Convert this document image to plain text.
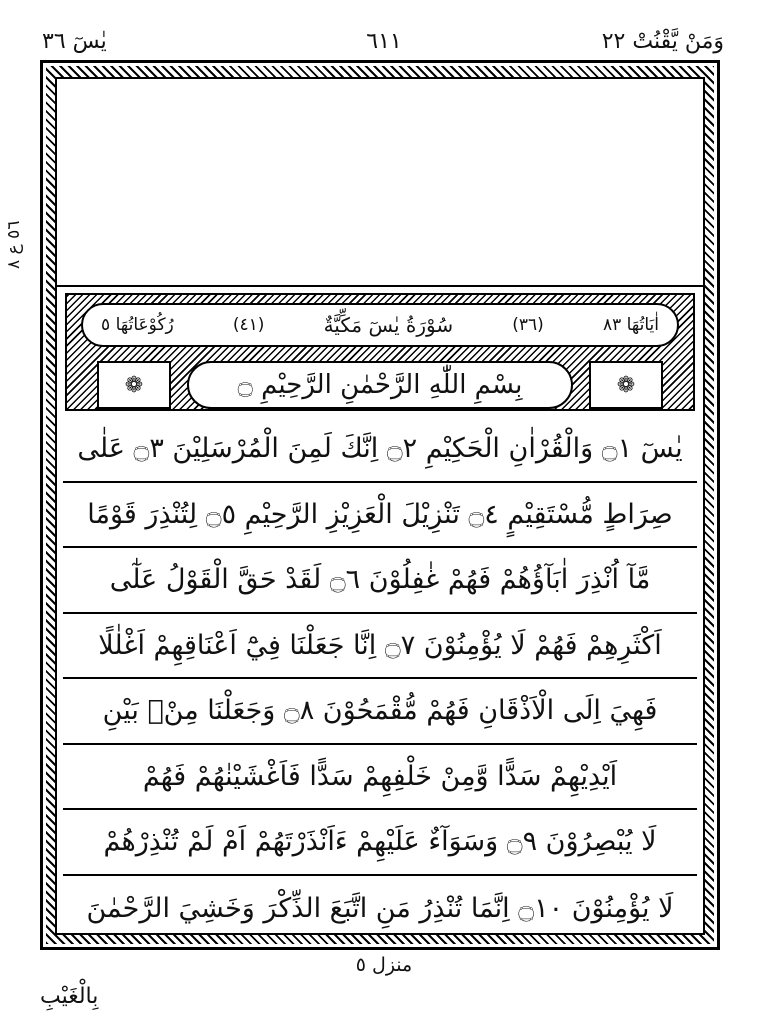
وَمَنْ يَّقْنُتْ ٢٢
٦١١
يٰسٓ ٣٦
٥٦ ع ٨
اٰيَاتُهَا ٨٣
(٣٦)
سُوْرَةُ يٰسٓ مَكِّيَّةٌ
(٤١)
رُكُوْعَاتُهَا ٥
❁	❁
بِسْمِ اللّٰهِ الرَّحْمٰنِ الرَّحِيْمِ ۝
يٰسٓ ۝١ وَالْقُرْاٰنِ الْحَكِيْمِ ۝٢ اِنَّكَ لَمِنَ الْمُرْسَلِيْنَ ۝٣ عَلٰى
صِرَاطٍ مُّسْتَقِيْمٍ ۝٤ تَنْزِيْلَ الْعَزِيْزِ الرَّحِيْمِ ۝٥ لِتُنْذِرَ قَوْمًا
مَّآ اُنْذِرَ اٰبَآؤُهُمْ فَهُمْ غٰفِلُوْنَ ۝٦ لَقَدْ حَقَّ الْقَوْلُ عَلٰٓى
اَكْثَرِهِمْ فَهُمْ لَا يُؤْمِنُوْنَ ۝٧ اِنَّا جَعَلْنَا فِيْٓ اَعْنَاقِهِمْ اَغْلٰلًا
فَهِيَ اِلَى الْاَذْقَانِ فَهُمْ مُّقْمَحُوْنَ ۝٨ وَجَعَلْنَا مِنْۢ بَيْنِ
اَيْدِيْهِمْ سَدًّا وَّمِنْ خَلْفِهِمْ سَدًّا فَاَغْشَيْنٰهُمْ فَهُمْ
لَا يُبْصِرُوْنَ ۝٩ وَسَوَآءٌ عَلَيْهِمْ ءَاَنْذَرْتَهُمْ اَمْ لَمْ تُنْذِرْهُمْ
لَا يُؤْمِنُوْنَ ۝١٠ اِنَّمَا تُنْذِرُ مَنِ اتَّبَعَ الذِّكْرَ وَخَشِيَ الرَّحْمٰنَ
منزل ٥
بِالْغَيْبِ
